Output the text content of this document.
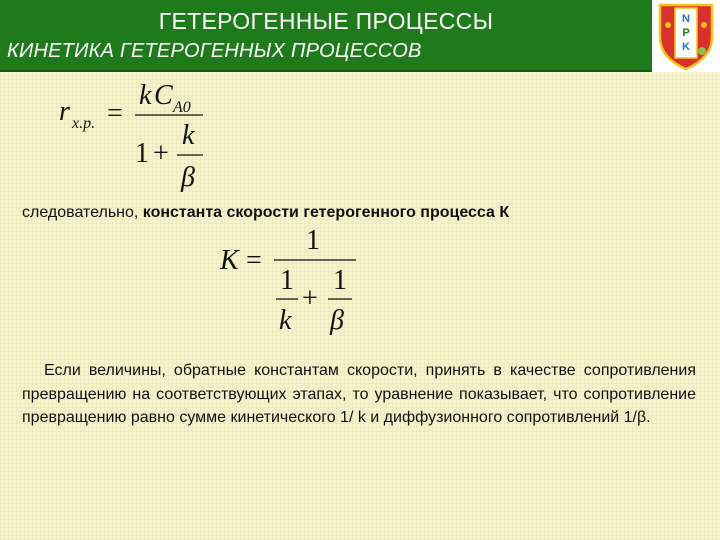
ГЕТЕРОГЕННЫЕ ПРОЦЕССЫ
КИНЕТИКА ГЕТЕРОГЕННЫХ ПРОЦЕССОВ
N
P
K
r x.p. =
k C A0
1 +
k
β
следовательно, константа скорости гетерогенного процесса К
K =
1
1
k
+
1
β
Если величины, обратные константам скорости, принять в качестве сопротивления превращению на соответствующих этапах, то уравнение показывает, что сопротивление превращению равно сумме кинетического 1/ k и диффузионного сопротивлений 1/β.
